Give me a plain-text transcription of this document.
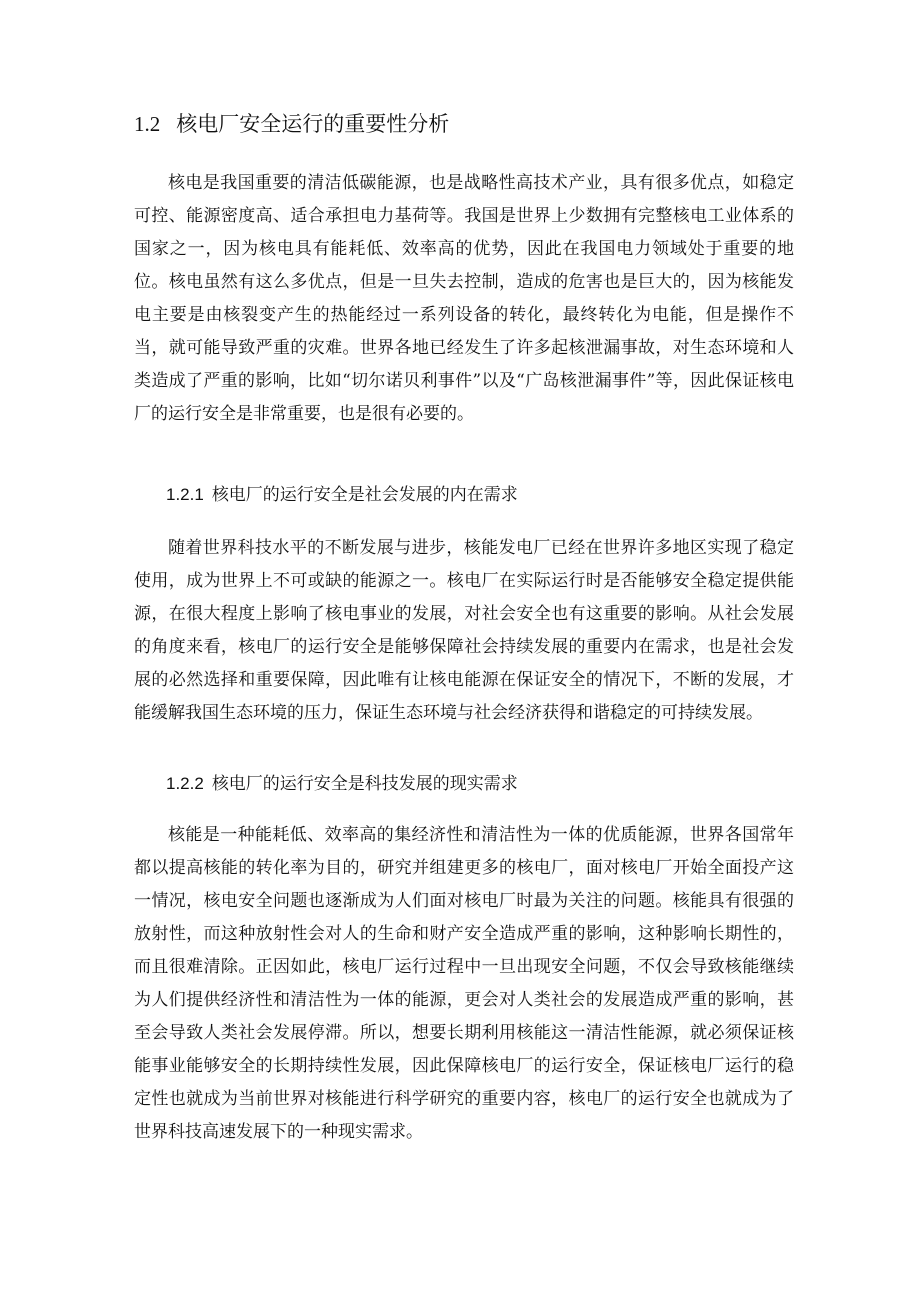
1.2 核电厂安全运行的重要性分析

核电是我国重要的清洁低碳能源，也是战略性高技术产业，具有很多优点，如稳定可控、能源密度高、适合承担电力基荷等。我国是世界上少数拥有完整核电工业体系的国家之一，因为核电具有能耗低、效率高的优势，因此在我国电力领域处于重要的地位。核电虽然有这么多优点，但是一旦失去控制，造成的危害也是巨大的，因为核能发电主要是由核裂变产生的热能经过一系列设备的转化，最终转化为电能，但是操作不当，就可能导致严重的灾难。世界各地已经发生了许多起核泄漏事故，对生态环境和人类造成了严重的影响，比如“切尔诺贝利事件”以及“广岛核泄漏事件”等，因此保证核电厂的运行安全是非常重要，也是很有必要的。

1.2.1 核电厂的运行安全是社会发展的内在需求

随着世界科技水平的不断发展与进步，核能发电厂已经在世界许多地区实现了稳定使用，成为世界上不可或缺的能源之一。核电厂在实际运行时是否能够安全稳定提供能源，在很大程度上影响了核电事业的发展，对社会安全也有这重要的影响。从社会发展的角度来看，核电厂的运行安全是能够保障社会持续发展的重要内在需求，也是社会发展的必然选择和重要保障，因此唯有让核电能源在保证安全的情况下，不断的发展，才能缓解我国生态环境的压力，保证生态环境与社会经济获得和谐稳定的可持续发展。

1.2.2 核电厂的运行安全是科技发展的现实需求

核能是一种能耗低、效率高的集经济性和清洁性为一体的优质能源，世界各国常年都以提高核能的转化率为目的，研究并组建更多的核电厂，面对核电厂开始全面投产这一情况，核电安全问题也逐渐成为人们面对核电厂时最为关注的问题。核能具有很强的放射性，而这种放射性会对人的生命和财产安全造成严重的影响，这种影响长期性的，而且很难清除。正因如此，核电厂运行过程中一旦出现安全问题，不仅会导致核能继续为人们提供经济性和清洁性为一体的能源，更会对人类社会的发展造成严重的影响，甚至会导致人类社会发展停滞。所以，想要长期利用核能这一清洁性能源，就必须保证核能事业能够安全的长期持续性发展，因此保障核电厂的运行安全，保证核电厂运行的稳定性也就成为当前世界对核能进行科学研究的重要内容，核电厂的运行安全也就成为了世界科技高速发展下的一种现实需求。
